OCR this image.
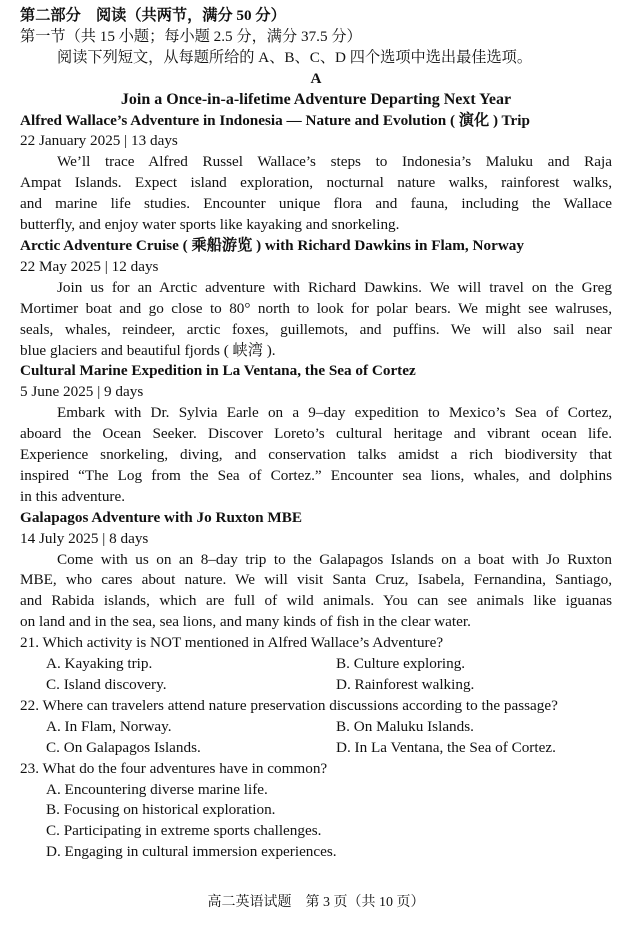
第二部分　阅读（共两节，满分 50 分）
第一节（共 15 小题；每小题 2.5 分，满分 37.5 分）
阅读下列短文，从每题所给的 A、B、C、D 四个选项中选出最佳选项。
A
Join a Once-in-a-lifetime Adventure Departing Next Year
Alfred Wallace’s Adventure in Indonesia — Nature and Evolution ( 演化 ) Trip
22 January 2025 | 13 days
We’ll trace Alfred Russel Wallace’s steps to Indonesia’s Maluku and Raja
Ampat Islands. Expect island exploration, nocturnal nature walks, rainforest walks,
and marine life studies. Encounter unique flora and fauna, including the Wallace
butterfly, and enjoy water sports like kayaking and snorkeling.
Arctic Adventure Cruise ( 乘船游览 ) with Richard Dawkins in Flam, Norway
22 May 2025 | 12 days
Join us for an Arctic adventure with Richard Dawkins. We will travel on the Greg
Mortimer boat and go close to 80° north to look for polar bears. We might see walruses,
seals, whales, reindeer, arctic foxes, guillemots, and puffins. We will also sail near
blue glaciers and beautiful fjords ( 峡湾 ).
Cultural Marine Expedition in La Ventana, the Sea of Cortez
5 June 2025 | 9 days
Embark with Dr. Sylvia Earle on a 9–day expedition to Mexico’s Sea of Cortez,
aboard the Ocean Seeker. Discover Loreto’s cultural heritage and vibrant ocean life.
Experience snorkeling, diving, and conservation talks amidst a rich biodiversity that
inspired “The Log from the Sea of Cortez.” Encounter sea lions, whales, and dolphins
in this adventure.
Galapagos Adventure with Jo Ruxton MBE
14 July 2025 | 8 days
Come with us on an 8–day trip to the Galapagos Islands on a boat with Jo Ruxton
MBE, who cares about nature. We will visit Santa Cruz, Isabela, Fernandina, Santiago,
and Rabida islands, which are full of wild animals. You can see animals like iguanas
on land and in the sea, sea lions, and many kinds of fish in the clear water.
21. Which activity is NOT mentioned in Alfred Wallace’s Adventure?
A. Kayaking trip.	B. Culture exploring.
C. Island discovery.	D. Rainforest walking.
22. Where can travelers attend nature preservation discussions according to the passage?
A. In Flam, Norway.	B. On Maluku Islands.
C. On Galapagos Islands.	D. In La Ventana, the Sea of Cortez.
23. What do the four adventures have in common?
A. Encountering diverse marine life.
B. Focusing on historical exploration.
C. Participating in extreme sports challenges.
D. Engaging in cultural immersion experiences.
高二英语试题　第 3 页（共 10 页）
